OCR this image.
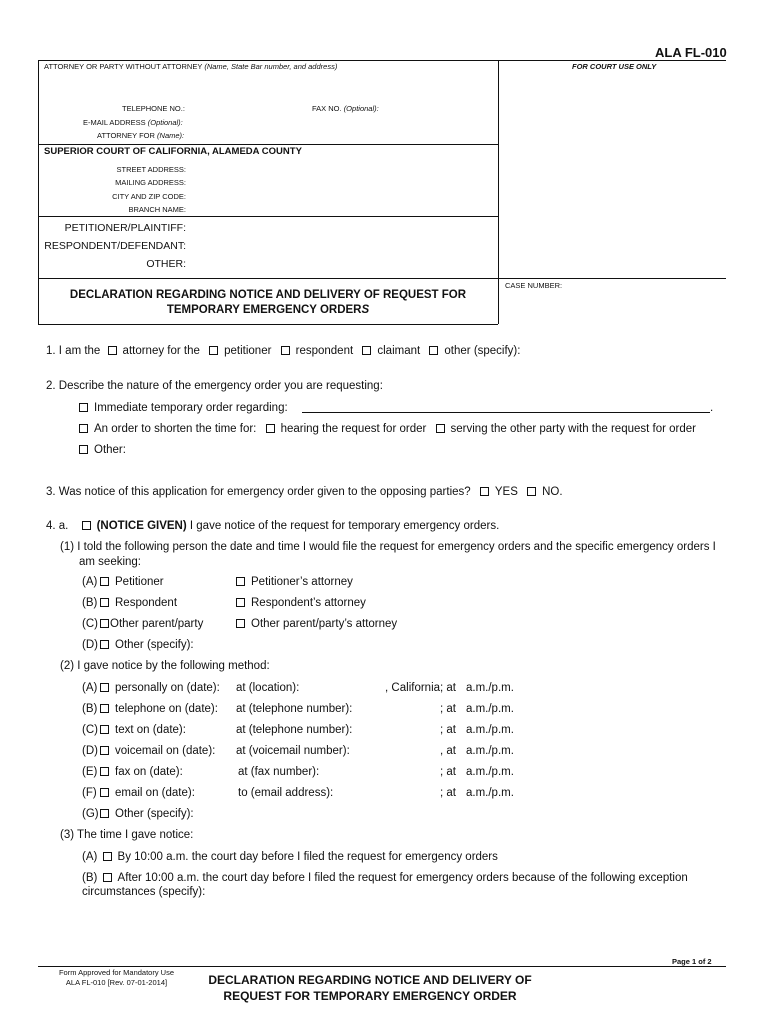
ALA FL-010
ATTORNEY OR PARTY WITHOUT ATTORNEY (Name, State Bar number, and address)	FOR COURT USE ONLY
TELEPHONE NO.:	FAX NO. (Optional):
E-MAIL ADDRESS (Optional):
ATTORNEY FOR (Name):
SUPERIOR COURT OF CALIFORNIA, ALAMEDA COUNTY
STREET ADDRESS:
MAILING ADDRESS:
CITY AND ZIP CODE:
BRANCH NAME:
PETITIONER/PLAINTIFF:
RESPONDENT/DEFENDANT:
OTHER:
CASE NUMBER:
DECLARATION REGARDING NOTICE AND DELIVERY OF REQUEST FOR
TEMPORARY EMERGENCY ORDERS
1. I am the attorney for the petitioner respondent claimant other (specify):
2. Describe the nature of the emergency order you are requesting:
Immediate temporary order regarding:	.
An order to shorten the time for: hearing the request for order serving the other party with the request for order
Other:
3. Was notice of this application for emergency order given to the opposing parties? YES NO.
4. a. (NOTICE GIVEN) I gave notice of the request for temporary emergency orders.
(1) I told the following person the date and time I would file the request for emergency orders and the specific emergency orders I
am seeking:
(A)	Petitioner	Petitioner’s attorney
(B)	Respondent	Respondent’s attorney
(C)	Other parent/party	Other parent/party’s attorney
(D)	Other (specify):
(2) I gave notice by the following method:
(A)	personally on (date): at (location):	, California; at a.m./p.m.
(B)	telephone on (date): at (telephone number):	; at a.m./p.m.
(C)	text on (date):	at (telephone number):	; at a.m./p.m.
(D)	voicemail on (date): at (voicemail number):	, at a.m./p.m.
(E)	fax on (date):	at (fax number):	; at a.m./p.m.
(F)	email on (date):	to (email address):	; at a.m./p.m.
(G)	Other (specify):
(3) The time I gave notice:
(A) By 10:00 a.m. the court day before I filed the request for emergency orders
(B) After 10:00 a.m. the court day before I filed the request for emergency orders because of the following exception
circumstances (specify):
Page 1 of 2
Form Approved for Mandatory Use
ALA FL-010 [Rev. 07-01-2014]	DECLARATION REGARDING NOTICE AND DELIVERY OF
REQUEST FOR TEMPORARY EMERGENCY ORDER
